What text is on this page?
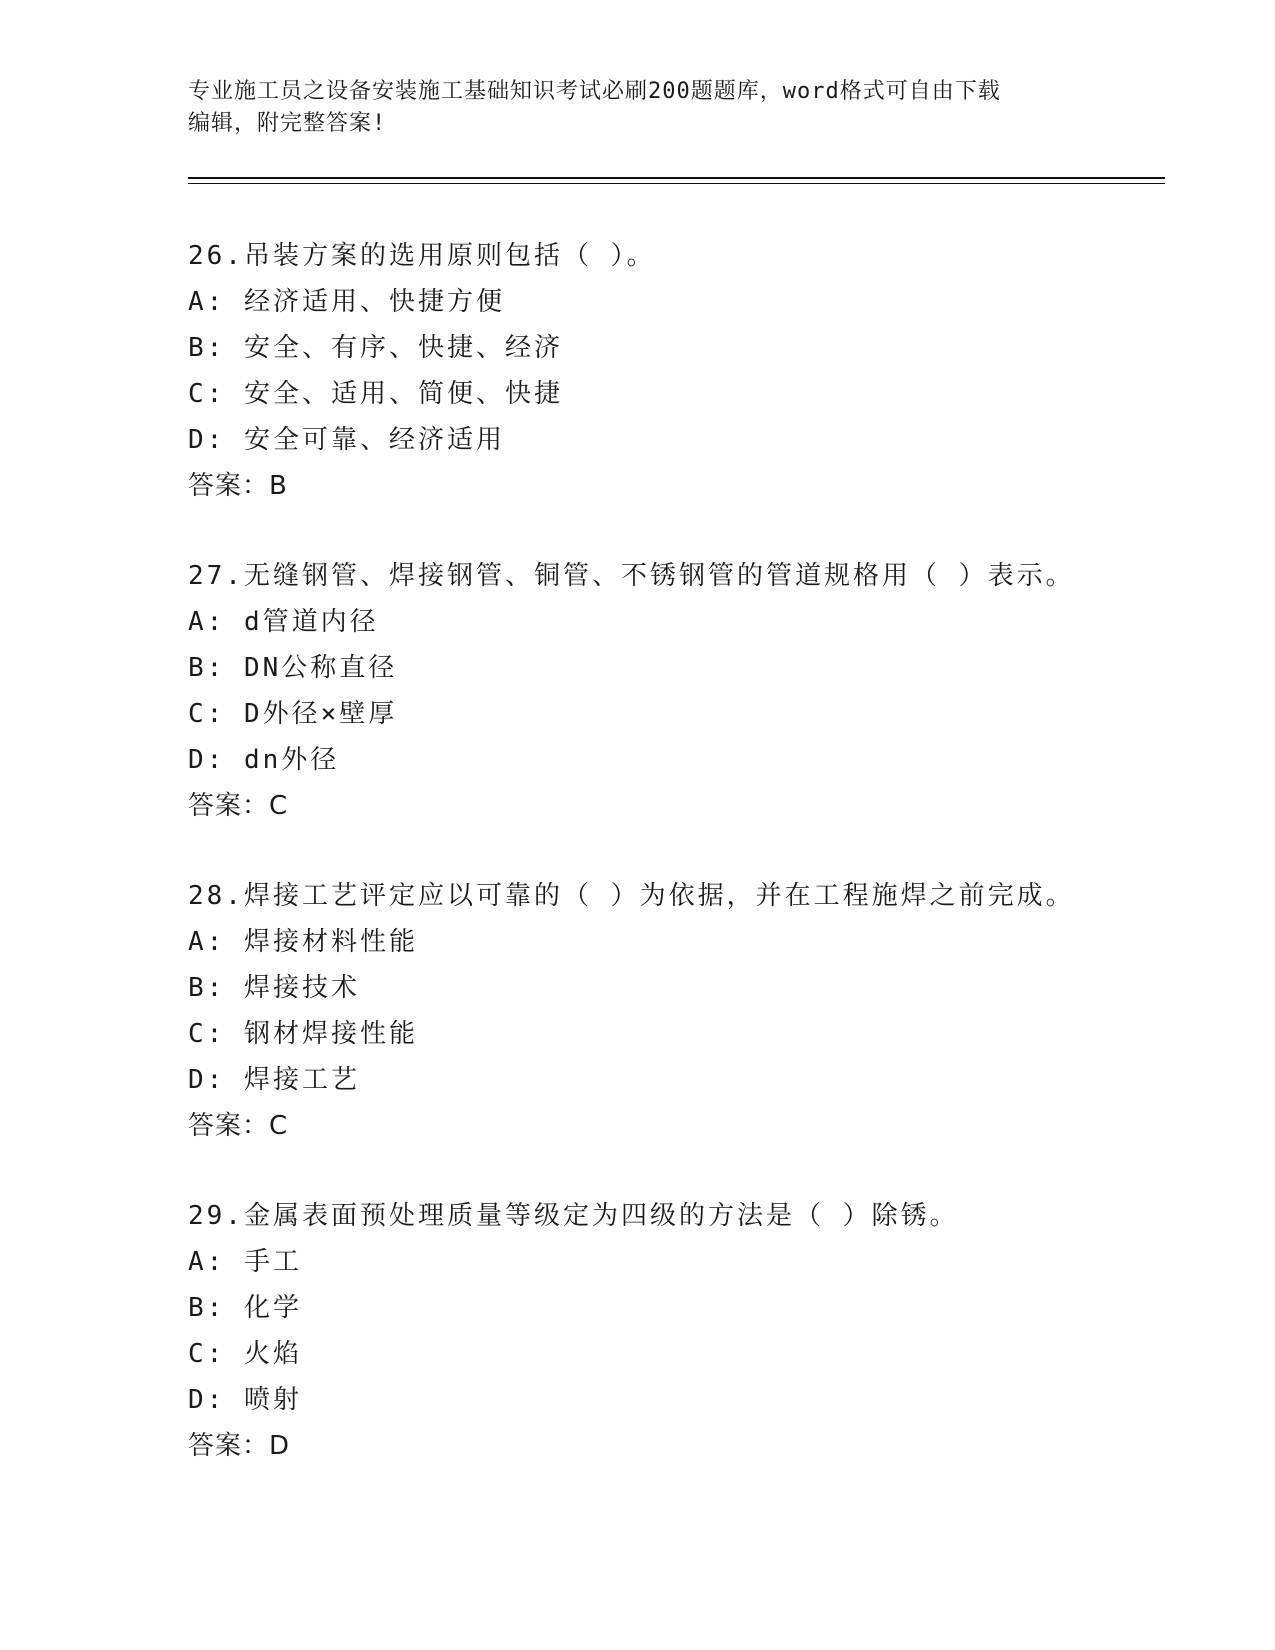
专业施工员之设备安装施工基础知识考试必刷200题题库，word格式可自由下载
编辑，附完整答案!
26.吊装方案的选用原则包括（ ）。
A: 经济适用、快捷方便
B: 安全、有序、快捷、经济
C: 安全、适用、简便、快捷
D: 安全可靠、经济适用
答案：B
27.无缝钢管、焊接钢管、铜管、不锈钢管的管道规格用（ ）表示。
A: d管道内径
B: DN公称直径
C: D外径×壁厚
D: dn外径
答案：C
28.焊接工艺评定应以可靠的（ ）为依据，并在工程施焊之前完成。
A: 焊接材料性能
B: 焊接技术
C: 钢材焊接性能
D: 焊接工艺
答案：C
29.金属表面预处理质量等级定为四级的方法是（ ）除锈。
A: 手工
B: 化学
C: 火焰
D: 喷射
答案：D
